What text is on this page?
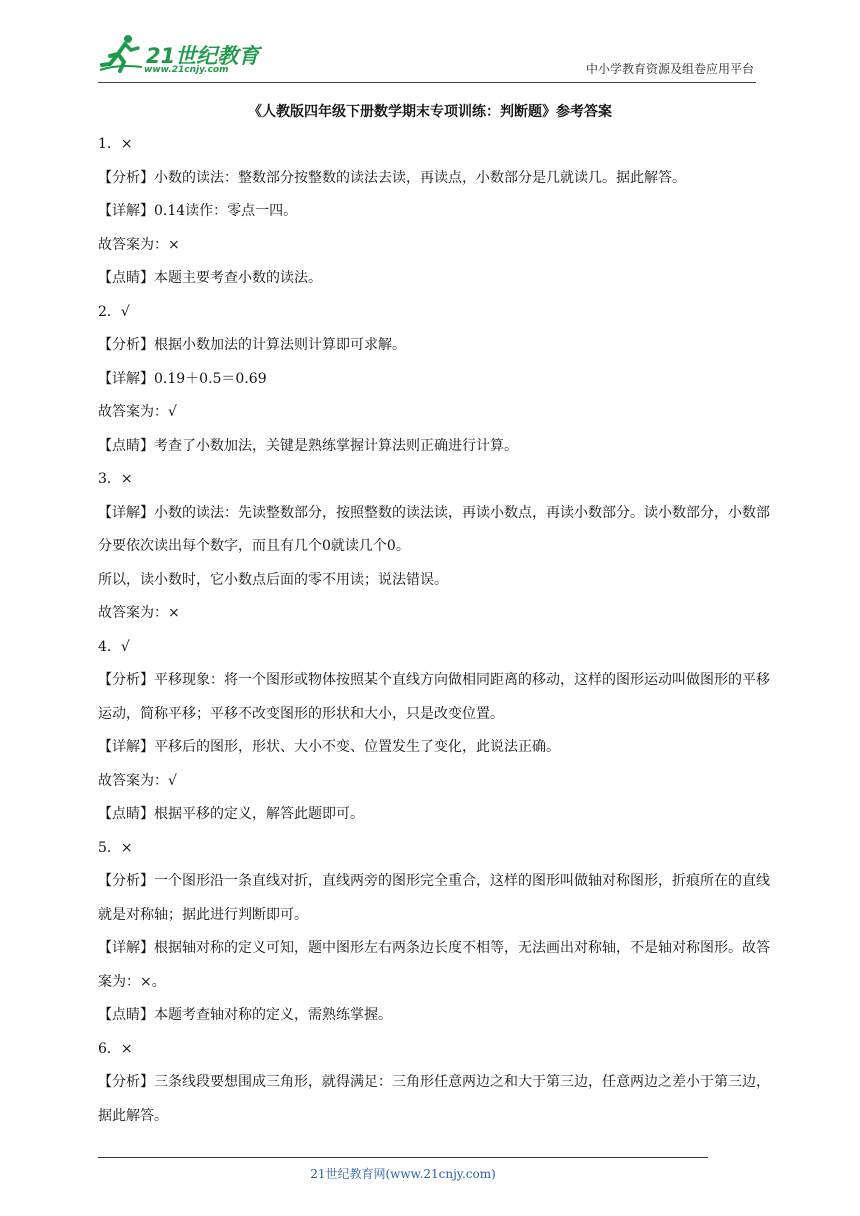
21世纪教育
www.21cnjy.com	中小学教育资源及组卷应用平台
《人教版四年级下册数学期末专项训练：判断题》参考答案

1．×

【分析】小数的读法：整数部分按整数的读法去读，再读点，小数部分是几就读几。据此解答。

【详解】0.14读作：零点一四。

故答案为：×

【点睛】本题主要考查小数的读法。

2．√

【分析】根据小数加法的计算法则计算即可求解。

【详解】0.19＋0.5＝0.69

故答案为：√

【点睛】考查了小数加法，关键是熟练掌握计算法则正确进行计算。

3．×

【详解】小数的读法：先读整数部分，按照整数的读法读，再读小数点，再读小数部分。读小数部分，小数部分要依次读出每个数字，而且有几个0就读几个0。

所以，读小数时，它小数点后面的零不用读；说法错误。

故答案为：×

4．√

【分析】平移现象：将一个图形或物体按照某个直线方向做相同距离的移动，这样的图形运动叫做图形的平移运动，简称平移；平移不改变图形的形状和大小，只是改变位置。

【详解】平移后的图形，形状、大小不变、位置发生了变化，此说法正确。

故答案为：√

【点睛】根据平移的定义，解答此题即可。

5．×

【分析】一个图形沿一条直线对折，直线两旁的图形完全重合，这样的图形叫做轴对称图形，折痕所在的直线就是对称轴；据此进行判断即可。

【详解】根据轴对称的定义可知，题中图形左右两条边长度不相等，无法画出对称轴，不是轴对称图形。故答案为：×。

【点睛】本题考查轴对称的定义，需熟练掌握。

6．×

【分析】三条线段要想围成三角形，就得满足：三角形任意两边之和大于第三边，任意两边之差小于第三边，据此解答。

21世纪教育网(www.21cnjy.com)
